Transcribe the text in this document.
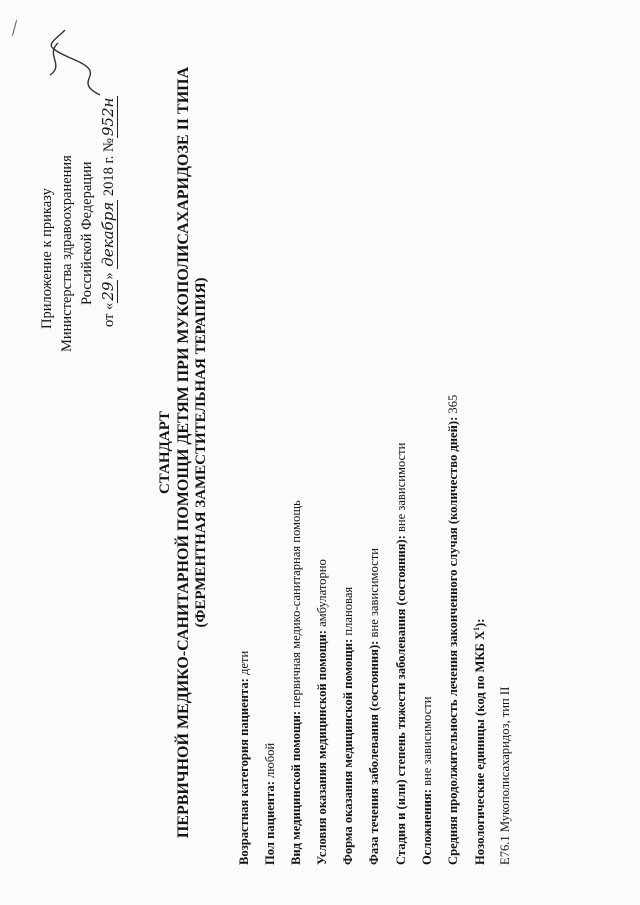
Приложение к приказу Министерства здравоохранения Российской Федерации
от «29» декабря 2018 г. №952н
СТАНДАРТ ПЕРВИЧНОЙ МЕДИКО-САНИТАРНОЙ ПОМОЩИ ДЕТЯМ ПРИ МУКОПОЛИСАХАРИДОЗЕ II ТИПА (ФЕРМЕНТНАЯ ЗАМЕСТИТЕЛЬНАЯ ТЕРАПИЯ)
Возрастная категория пациента: дети
Пол пациента: любой Вид медицинской помощи: первичная медико-санитарная помощь
Условия оказания медицинской помощи: амбулаторно
Форма оказания медицинской помощи: плановая
Фаза течения заболевания (состояния): вне зависимости Стадия и (или) степень тяжести заболевания (состояния): вне зависимости
Осложнения: вне зависимости Средняя продолжительность лечения законченного случая (количество дней): 365
Нозологические единицы (код по МКБ $X^1$):
E76.1 Мукополисахаридоз, тип II
